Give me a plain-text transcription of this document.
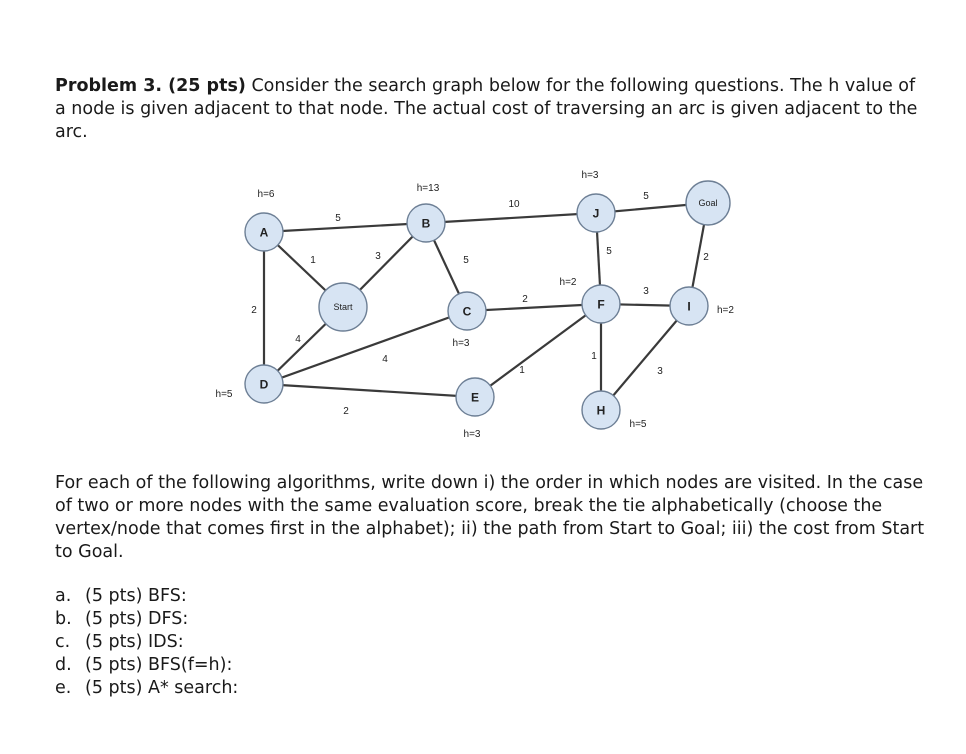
Problem 3. (25 pts) Consider the search graph below for the following questions. The h value of a node is given adjacent to that node. The actual cost of traversing an arc is given adjacent to the arc.

5
10
5
1	3	5
2
4
4
2
2
5
1
3
1
2
3
A
B
J
Goal
Start	C	F	I
D
E
H
h=6
h=13
h=3
h=3
h=2
h=2
h=5
h=3
h=5

For each of the following algorithms, write down i) the order in which nodes are visited. In the case of two or more nodes with the same evaluation score, break the tie alphabetically (choose the vertex/node that comes first in the alphabet); ii) the path from Start to Goal; iii) the cost from Start to Goal.

a. (5 pts) BFS:
b. (5 pts) DFS:
c. (5 pts) IDS:
d. (5 pts) BFS(f=h):
e. (5 pts) A* search:
